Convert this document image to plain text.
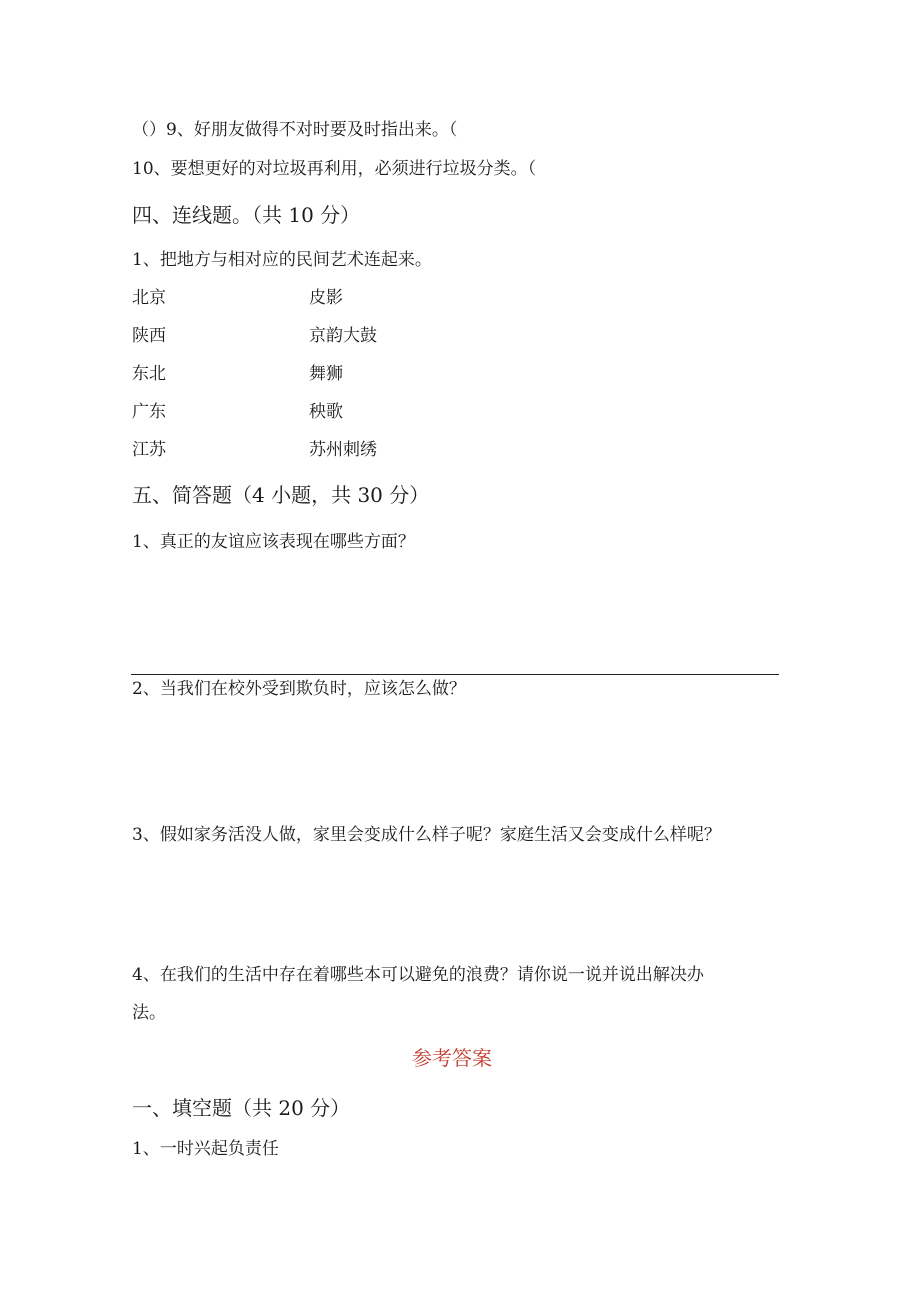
（）9、好朋友做得不对时要及时指出来。（
10、要想更好的对垃圾再利用，必须进行垃圾分类。（
四、连线题。（共 10 分）
1、把地方与相对应的民间艺术连起来。
北京	皮影
陕西	京韵大鼓
东北	舞狮
广东	秧歌
江苏	苏州刺绣
五、简答题（4 小题，共 30 分）
1、真正的友谊应该表现在哪些方面？
2、当我们在校外受到欺负时，应该怎么做？
3、假如家务活没人做，家里会变成什么样子呢？家庭生活又会变成什么样呢？
4、在我们的生活中存在着哪些本可以避免的浪费？请你说一说并说出解决办
法。
参考答案
一、填空题（共 20 分）
1、一时兴起负责任
